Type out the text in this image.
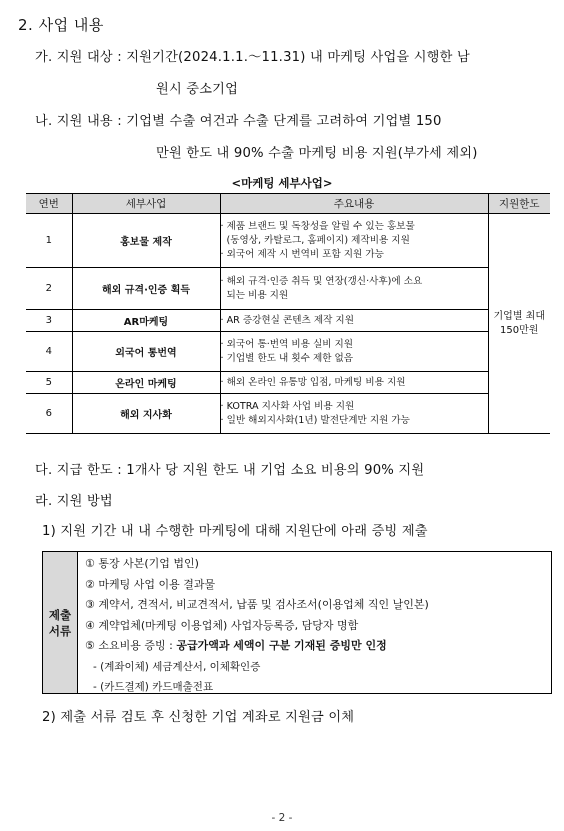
2. 사업 내용
가. 지원 대상 : 지원기간(2024.1.1.～11.31) 내 마케팅 사업을 시행한 남
원시 중소기업
나. 지원 내용 : 기업별 수출 여건과 수출 단계를 고려하여 기업별 150
만원 한도 내 90% 수출 마케팅 비용 지원(부가세 제외)
<마케팅 세부사업>
연번	세부사업	주요내용	지원한도
1	홍보물 제작	· 제품 브랜드 및 독창성을 알릴 수 있는 홍보물
(동영상, 카탈로그, 홈페이지) 제작비용 지원
· 외국어 제작 시 번역비 포함 지원 가능	기업별 최대
150만원

2	해외 규격·인증 획득	· 해외 규격·인증 취득 및 연장(갱신·사후)에 소요
되는 비용 지원	

3	AR마케팅	· AR 증강현실 콘텐츠 제작 지원	

4	외국어 통번역	· 외국어 통·번역 비용 실비 지원
· 기업별 한도 내 횟수 제한 없음	

5	온라인 마케팅	· 해외 온라인 유통망 입점, 마케팅 비용 지원	

6	해외 지사화	· KOTRA 지사화 사업 비용 지원
· 일반 해외지사화(1년) 발전단계만 지원 가능	
다. 지급 한도 : 1개사 당 지원 한도 내 기업 소요 비용의 90% 지원
라. 지원 방법
1) 지원 기간 내 내 수행한 마케팅에 대해 지원단에 아래 증빙 제출
제출
서류
① 통장 사본(기업 법인)
② 마케팅 사업 이용 결과물
③ 계약서, 견적서, 비교견적서, 납품 및 검사조서(이용업체 직인 날인본)
④ 계약업체(마케팅 이용업체) 사업자등록증, 담당자 명함
⑤ 소요비용 증빙 : 공급가액과 세액이 구분 기재된 증빙만 인정
- (계좌이체) 세금계산서, 이체확인증
- (카드결제) 카드매출전표
2) 제출 서류 검토 후 신청한 기업 계좌로 지원금 이체
- 2 -
